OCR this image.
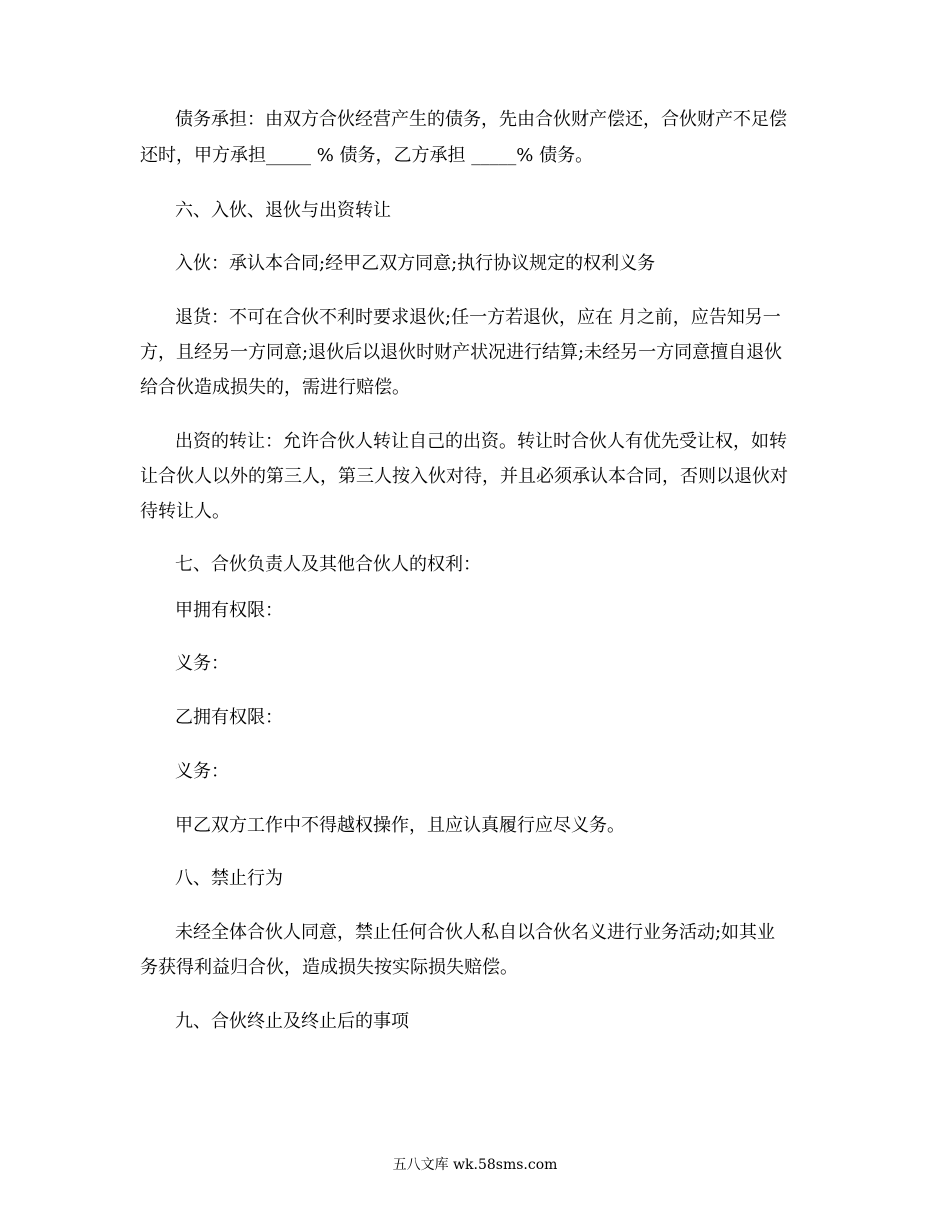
债务承担：由双方合伙经营产生的债务，先由合伙财产偿还，合伙财产不足偿
还时，甲方承担_____ % 债务，乙方承担 _____% 债务。
六、入伙、退伙与出资转让
入伙：承认本合同;经甲乙双方同意;执行协议规定的权利义务
退货：不可在合伙不利时要求退伙;任一方若退伙，应在 月之前，应告知另一
方，且经另一方同意;退伙后以退伙时财产状况进行结算;未经另一方同意擅自退伙
给合伙造成损失的，需进行赔偿。
出资的转让：允许合伙人转让自己的出资。转让时合伙人有优先受让权，如转
让合伙人以外的第三人，第三人按入伙对待，并且必须承认本合同，否则以退伙对
待转让人。
七、合伙负责人及其他合伙人的权利：
甲拥有权限：
义务：
乙拥有权限：
义务：
甲乙双方工作中不得越权操作，且应认真履行应尽义务。
八、禁止行为
未经全体合伙人同意，禁止任何合伙人私自以合伙名义进行业务活动;如其业
务获得利益归合伙，造成损失按实际损失赔偿。
九、合伙终止及终止后的事项
五八文库 wk.58sms.com
